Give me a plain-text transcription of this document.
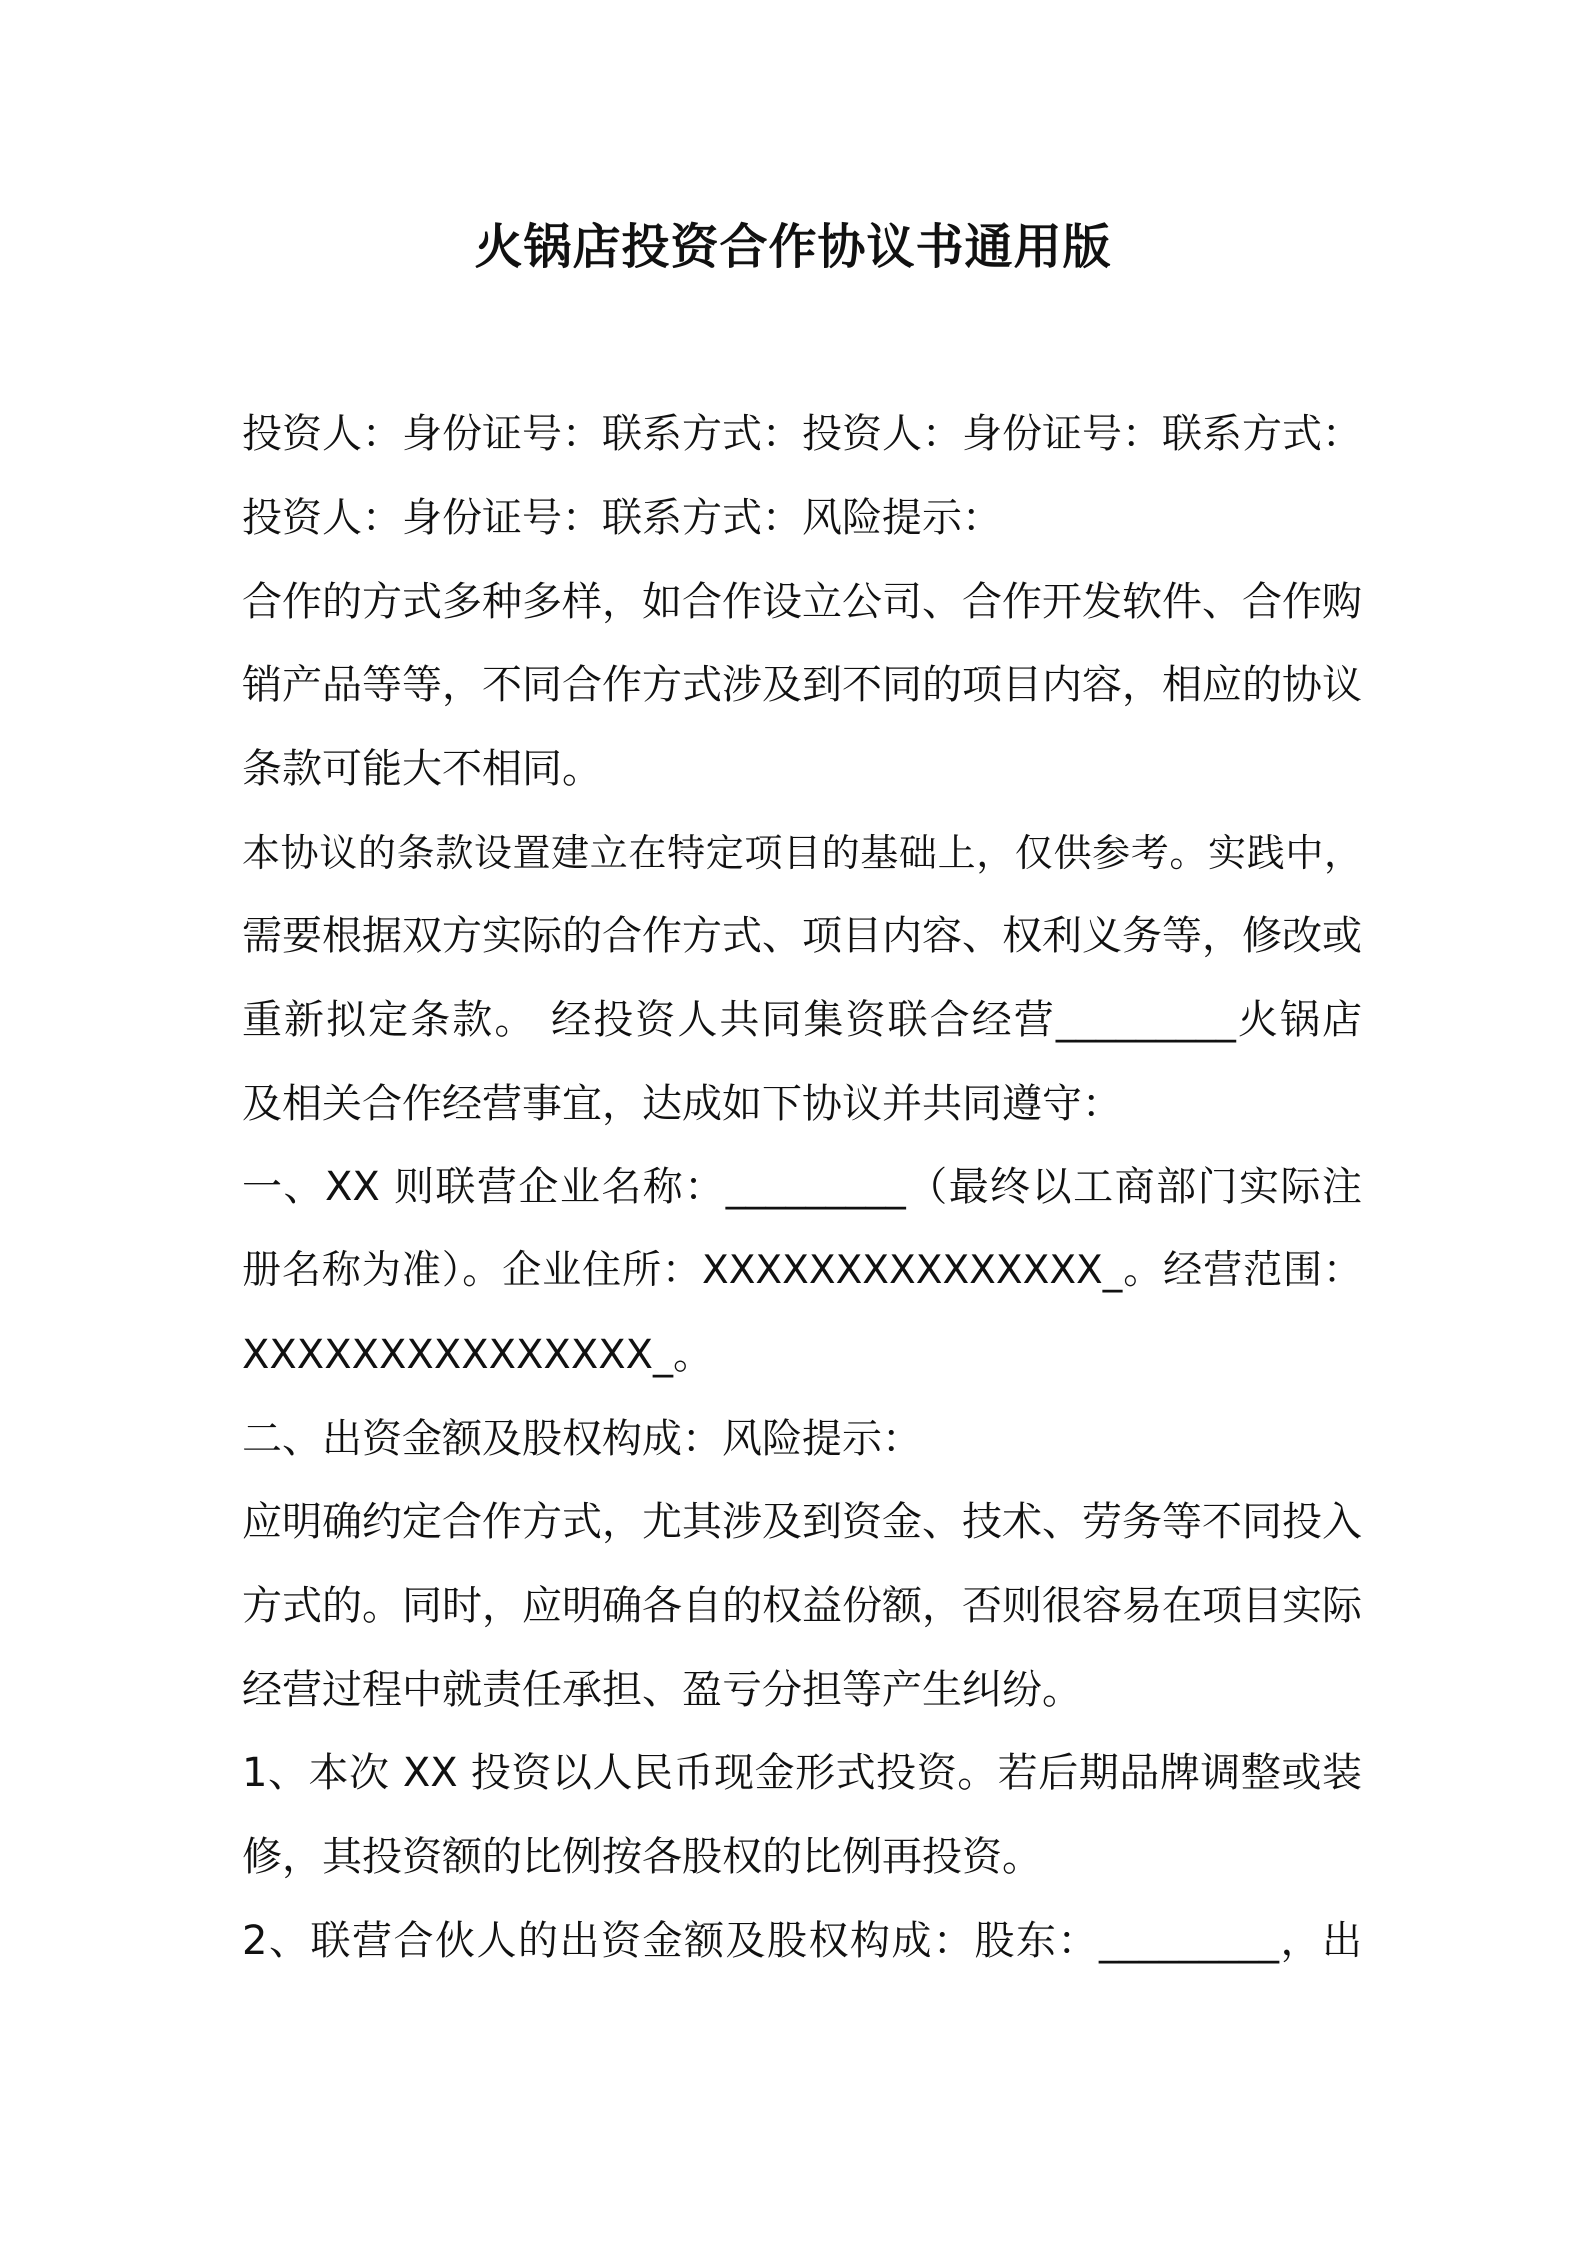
火锅店投资合作协议书通用版

投资人：身份证号：联系方式：投资人：身份证号：联系方式：

投资人：身份证号：联系方式：风险提示：

合作的方式多种多样，如合作设立公司、合作开发软件、合作购

销产品等等，不同合作方式涉及到不同的项目内容，相应的协议

条款可能大不相同。

本协议的条款设置建立在特定项目的基础上，仅供参考。实践中，

需要根据双方实际的合作方式、项目内容、权利义务等，修改或

重新拟定条款。 经投资人共同集资联合经营_________火锅店

及相关合作经营事宜，达成如下协议并共同遵守：

一、XX 则联营企业名称：_________（最终以工商部门实际注

册名称为准）。企业住所：XXXXXXXXXXXXXXX_。经营范围：

XXXXXXXXXXXXXXX_。

二、出资金额及股权构成：风险提示：

应明确约定合作方式，尤其涉及到资金、技术、劳务等不同投入

方式的。同时，应明确各自的权益份额，否则很容易在项目实际

经营过程中就责任承担、盈亏分担等产生纠纷。

1、本次 XX 投资以人民币现金形式投资。若后期品牌调整或装

修，其投资额的比例按各股权的比例再投资。

2、联营合伙人的出资金额及股权构成：股东：_________，出
